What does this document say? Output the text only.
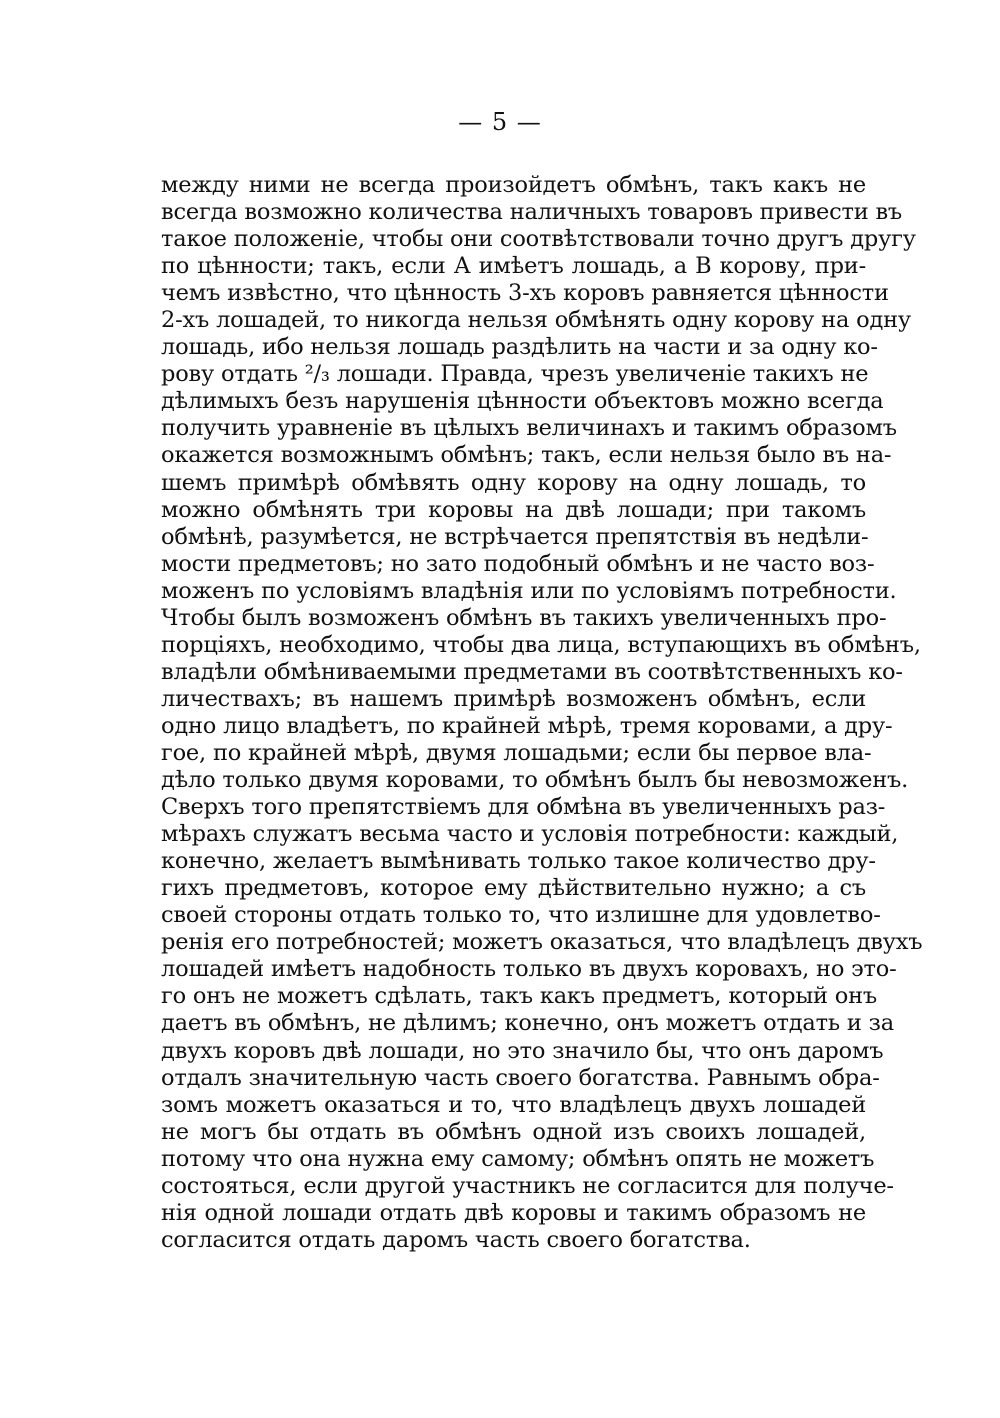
— 5 —
между ними не всегда произойдетъ обмѣнъ, такъ какъ не
всегда возможно количества наличныхъ товаровъ привести въ
такое положеніе, чтобы они соотвѣтствовали точно другъ другу
по цѣнности; такъ, если А имѣетъ лошадь, а В корову, при-
чемъ извѣстно, что цѣнность 3-хъ коровъ равняется цѣнности
2-хъ лошадей, то никогда нельзя обмѣнять одну корову на одну
лошадь, ибо нельзя лошадь раздѣлить на части и за одну ко-
рову отдать ²/₃ лошади. Правда, чрезъ увеличеніе такихъ не
дѣлимыхъ безъ нарушенія цѣнности объектовъ можно всегда
получить уравненіе въ цѣлыхъ величинахъ и такимъ образомъ
окажется возможнымъ обмѣнъ; такъ, если нельзя было въ на-
шемъ примѣрѣ обмѣвять одну корову на одну лошадь, то
можно обмѣнять три коровы на двѣ лошади; при такомъ
обмѣнѣ, разумѣется, не встрѣчается препятствія въ недѣли-
мости предметовъ; но зато подобный обмѣнъ и не часто воз-
моженъ по условіямъ владѣнія или по условіямъ потребности.
Чтобы былъ возможенъ обмѣнъ въ такихъ увеличенныхъ про-
порціяхъ, необходимо, чтобы два лица, вступающихъ въ обмѣнъ,
владѣли обмѣниваемыми предметами въ соотвѣтственныхъ ко-
личествахъ; въ нашемъ примѣрѣ возможенъ обмѣнъ, если
одно лицо владѣетъ, по крайней мѣрѣ, тремя коровами, а дру-
гое, по крайней мѣрѣ, двумя лошадьми; если бы первое вла-
дѣло только двумя коровами, то обмѣнъ былъ бы невозможенъ.
Сверхъ того препятствіемъ для обмѣна въ увеличенныхъ раз-
мѣрахъ служатъ весьма часто и условія потребности: каждый,
конечно, желаетъ вымѣнивать только такое количество дру-
гихъ предметовъ, которое ему дѣйствительно нужно; а съ
своей стороны отдать только то, что излишне для удовлетво-
ренія его потребностей; можетъ оказаться, что владѣлецъ двухъ
лошадей имѣетъ надобность только въ двухъ коровахъ, но это-
го онъ не можетъ сдѣлать, такъ какъ предметъ, который онъ
даетъ въ обмѣнъ, не дѣлимъ; конечно, онъ можетъ отдать и за
двухъ коровъ двѣ лошади, но это значило бы, что онъ даромъ
отдалъ значительную часть своего богатства. Равнымъ обра-
зомъ можетъ оказаться и то, что владѣлецъ двухъ лошадей
не могъ бы отдать въ обмѣнъ одной изъ своихъ лошадей,
потому что она нужна ему самому; обмѣнъ опять не можетъ
состояться, если другой участникъ не согласится для получе-
нія одной лошади отдать двѣ коровы и такимъ образомъ не
согласится отдать даромъ часть своего богатства.
